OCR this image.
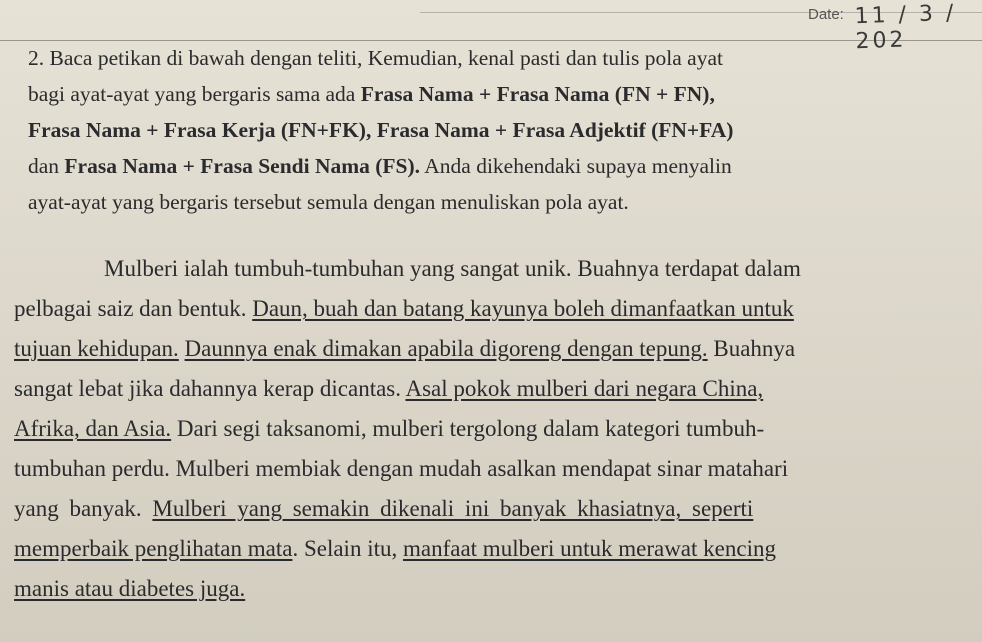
Date: 11 / 3 / 202
2. Baca petikan di bawah dengan teliti, Kemudian, kenal pasti dan tulis pola ayat
bagi ayat-ayat yang bergaris sama ada Frasa Nama + Frasa Nama (FN + FN),
Frasa Nama + Frasa Kerja (FN+FK), Frasa Nama + Frasa Adjektif (FN+FA)
dan Frasa Nama + Frasa Sendi Nama (FS). Anda dikehendaki supaya menyalin
ayat-ayat yang bergaris tersebut semula dengan menuliskan pola ayat.
Mulberi ialah tumbuh-tumbuhan yang sangat unik. Buahnya terdapat dalam
pelbagai saiz dan bentuk. Daun, buah dan batang kayunya boleh dimanfaatkan untuk
tujuan kehidupan. Daunnya enak dimakan apabila digoreng dengan tepung. Buahnya
sangat lebat jika dahannya kerap dicantas. Asal pokok mulberi dari negara China,
Afrika, dan Asia. Dari segi taksanomi, mulberi tergolong dalam kategori tumbuh-
tumbuhan perdu. Mulberi membiak dengan mudah asalkan mendapat sinar matahari
yang banyak. Mulberi yang semakin dikenali ini banyak khasiatnya, seperti
memperbaik penglihatan mata. Selain itu, manfaat mulberi untuk merawat kencing
manis atau diabetes juga.
